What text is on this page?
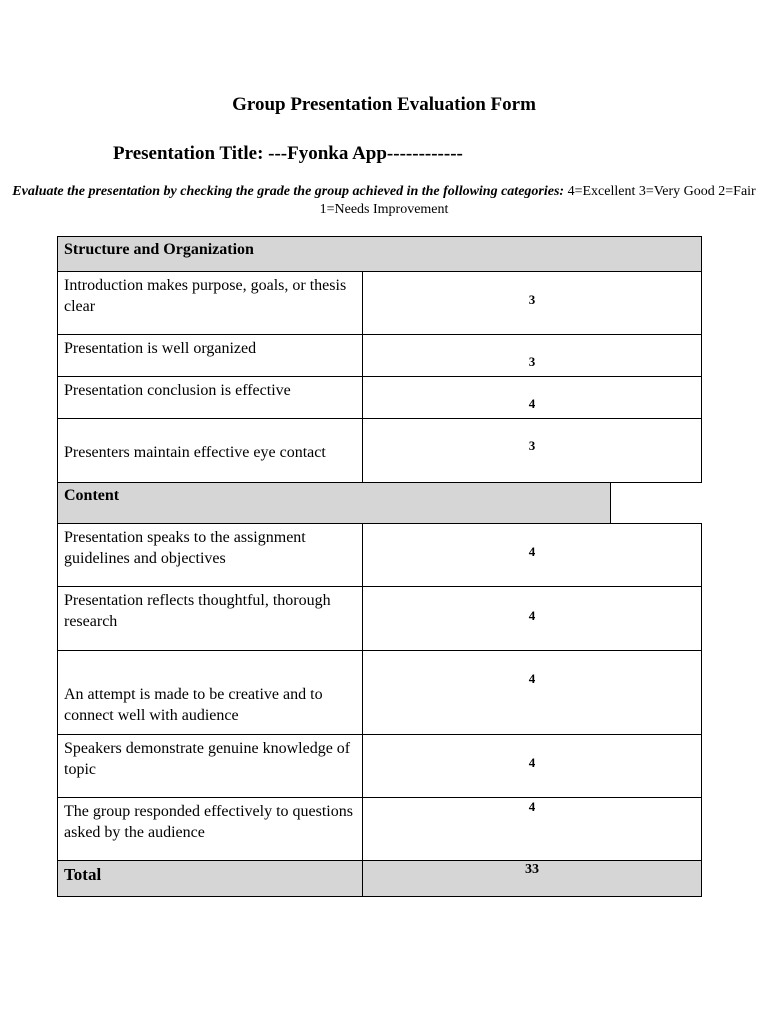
Group Presentation Evaluation Form
Presentation Title: ---Fyonka App------------
Evaluate the presentation by checking the grade the group achieved in the following categories: 4=Excellent 3=Very Good 2=Fair 1=Needs Improvement
Structure and Organization		
Introduction makes purpose, goals, or thesis clear	3	
Presentation is well organized	3	
Presentation conclusion is effective	4	
Presenters maintain effective eye contact	3	
Content		
Presentation speaks to the assignment guidelines and objectives	4	
Presentation reflects thoughtful, thorough research	4	
An attempt is made to be creative and to connect well with audience	4	
Speakers demonstrate genuine knowledge of topic	4	
The group responded effectively to questions asked by the audience	4	
Total	33	
